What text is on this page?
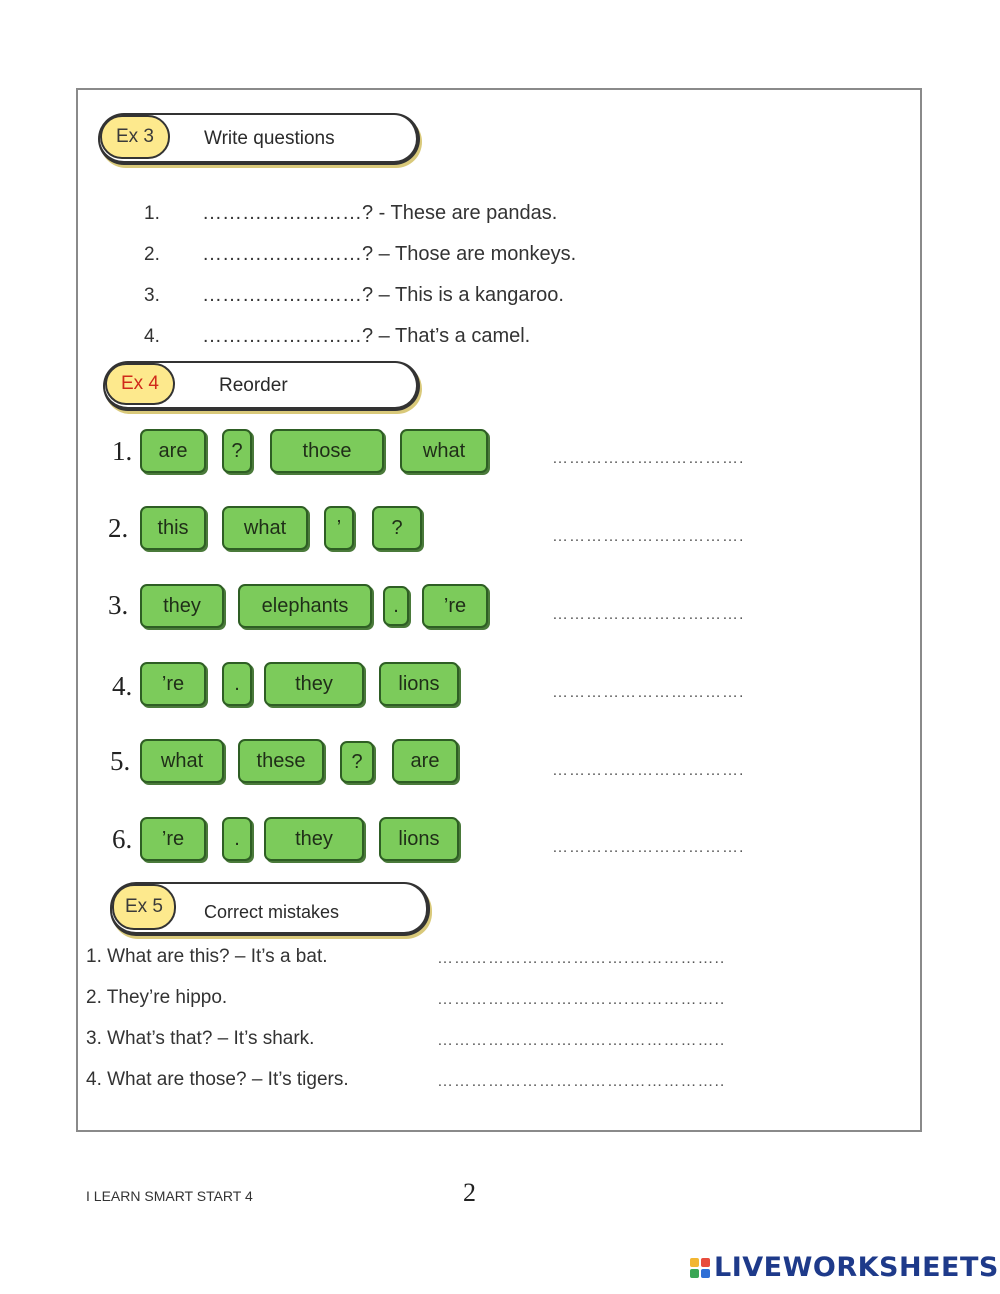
Ex 3	Write questions
1. ……………………? - These are pandas.
2. ……………………? – Those are monkeys.
3. ……………………? – This is a kangaroo.
4. ……………………? – That’s a camel.
Ex 4	Reorder
1.	are	?	those	what	…………………………….
2.	this	what	’	?	…………………………….
3.	they	elephants	.	’re	…………………………….
4.	’re	.	they	lions	…………………………….
5.	what	these	?	are	…………………………….
6.	’re	.	they	lions	…………………………….
Ex 5	Correct mistakes
1. What are this? – It’s a bat.	…………………………….……………..
2. They’re hippo.	…………………………….……………..
3. What’s that? – It’s shark.	…………………………….……………..
4. What are those? – It’s tigers.	…………………………….……………..
I LEARN SMART START 4	2
LIVEWORKSHEETS
